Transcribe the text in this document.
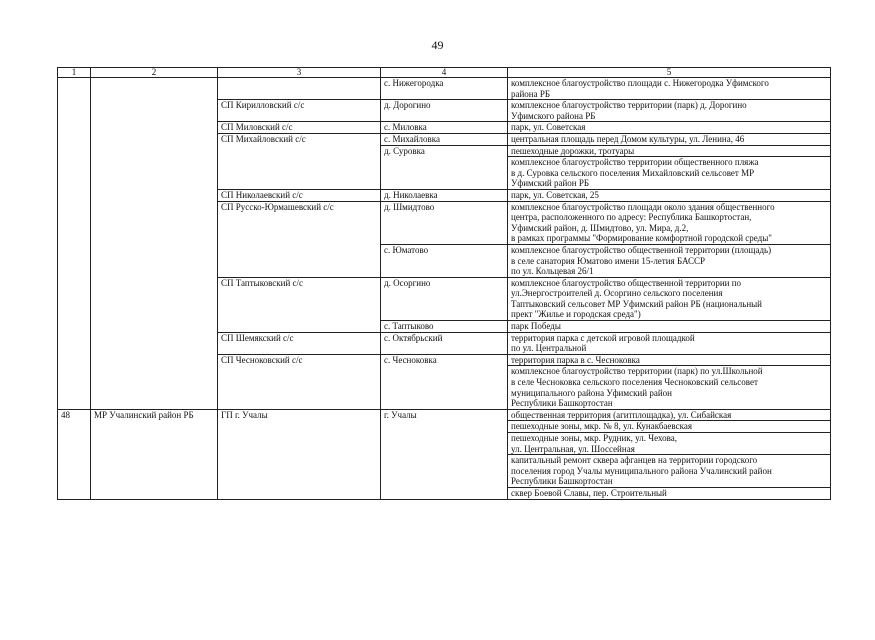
49
1	2	3	4	5
			с. Нижегородка	комплексное благоустройство площади с. Нижегородка Уфимского
района РБ
		СП Кирилловский с/с	д. Дорогино	комплексное благоустройство территории (парк) д. Дорогино
Уфимского района РБ
		СП Миловский с/с	с. Миловка	парк, ул. Советская
		СП Михайловский с/с	с. Михайловка	центральная площадь перед Домом культуры, ул. Ленина, 46
			д. Суровка	пешеходные дорожки, тротуары
				комплексное благоустройство территории общественного пляжа
в д. Суровка сельского поселения Михайловский сельсовет МР
Уфимский район РБ
		СП Николаевский с/с	д. Николаевка	парк, ул. Советская, 25
		СП Русско-Юрмашевский с/с	д. Шмидтово	комплексное благоустройство площади около здания общественного
центра, расположенного по адресу: Республика Башкортостан,
Уфимский район, д. Шмидтово, ул. Мира, д.2,
в рамках программы "Формирование комфортной городской среды"
			с. Юматово	комплексное благоустройство общественной территории (площадь)
в селе санатория Юматово имени 15-летия БАССР
по ул. Кольцевая 26/1
		СП Таптыковский с/с	д. Осоргино	комплексное благоустройство общественной территории по
ул.Энергостроителей д. Осоргино сельского поселения
Таптыковский сельсовет МР Уфимский район РБ (национальный
прект "Жилье и городская среда")
			с. Таптыково	парк Победы
		СП Шемякский с/с	с. Октябрьский	территория парка с детской игровой площадкой
по ул. Центральной
		СП Чесноковский с/с	с. Чесноковка	территория парка в с. Чесноковка
				комплексное благоустройство территории (парк) по ул.Школьной
в селе Чесноковка сельского поселения Чесноковский сельсовет
муниципального района Уфимский район
Республики Башкортостан
48	МР Учалинский район РБ	ГП г. Учалы	г. Учалы	общественная территория (агитплощадка), ул. Сибайская
				пешеходные зоны, мкр. № 8, ул. Кунакбаевская
				пешеходные зоны, мкр. Рудник, ул. Чехова,
ул. Центральная, ул. Шоссейная
				капитальный ремонт сквера афганцев на территории городского
поселения город Учалы муниципального района Учалинский район
Республики Башкортостан
				сквер Боевой Славы, пер. Строительный
